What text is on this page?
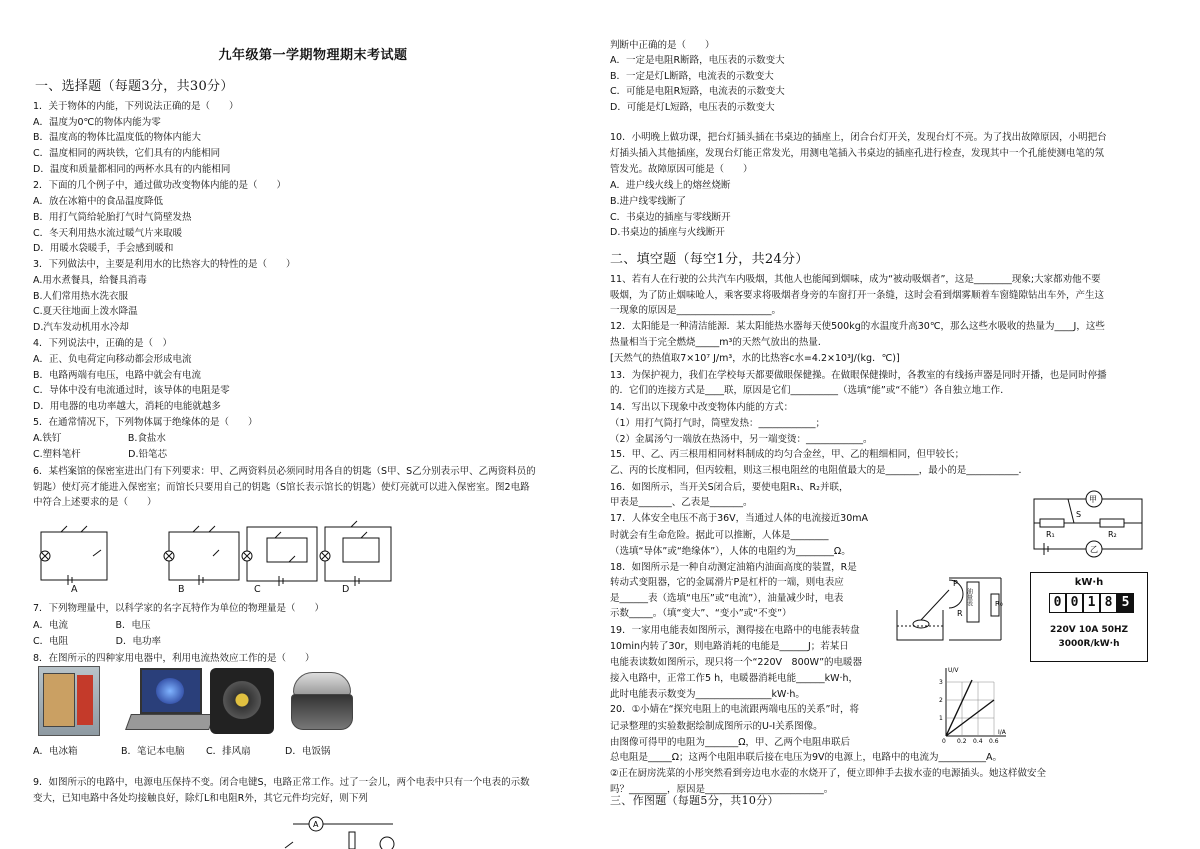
九年级第一学期物理期末考试题
一、选择题（每题3分，共30分）
1．关于物体的内能，下列说法正确的是（　　）
A．温度为0℃的物体内能为零
B．温度高的物体比温度低的物体内能大
C．温度相同的两块铁，它们具有的内能相同
D．温度和质量都相同的两杯水具有的内能相同
2．下面的几个例子中，通过做功改变物体内能的是（　　）
A．放在冰箱中的食品温度降低
B．用打气筒给轮胎打气时气筒壁发热
C．冬天利用热水流过暖气片来取暖
D．用暖水袋暖手，手会感到暖和
3．下列做法中，主要是利用水的比热容大的特性的是（　　）
A.用水煮餐具，给餐具消毒
B.人们常用热水洗衣服
C.夏天往地面上泼水降温
D.汽车发动机用水冷却
4．下列说法中，正确的是（　）
A．正、负电荷定向移动都会形成电流
B．电路两端有电压，电路中就会有电流
C．导体中没有电流通过时，该导体的电阻是零
D．用电器的电功率越大，消耗的电能就越多
5．在通常情况下，下列物体属于绝缘体的是（　　）
A.铁钉　　　　　　　B.食盐水
C.塑料笔杆　　　　　D.铅笔芯
6．某档案馆的保密室进出门有下列要求：甲、乙两资料员必须同时用各自的钥匙（S甲、S乙分别表示甲、乙两资料员的
钥匙）使灯亮才能进入保密室；而馆长只要用自己的钥匙（S馆长表示馆长的钥匙）使灯亮就可以进入保密室。图2电路
中符合上述要求的是（　　）
7．下列物理量中，以科学家的名字瓦特作为单位的物理量是（　　）
A．电流　　　　　B．电压
C．电阻　　　　　D．电功率
8．在图所示的四种家用电器中，利用电流热效应工作的是（　　）
9．如图所示的电路中，电源电压保持不变。闭合电键S，电路正常工作。过了一会儿，两个电表中只有一个电表的示数
变大，已知电路中各处均接触良好，除灯L和电阻R外，其它元件均完好，则下列
A	B	C	D
A．电冰箱	B．笔记本电脑 C．排风扇	D．电饭锅
A
二、填空题（每空1分，共24分）
三、作图题（每题5分，共10分）
判断中正确的是（　　）
A．一定是电阻R断路，电压表的示数变大
B．一定是灯L断路，电流表的示数变大
C．可能是电阻R短路，电流表的示数变大
D．可能是灯L短路，电压表的示数变大
10．小明晚上做功课，把台灯插头插在书桌边的插座上，闭合台灯开关，发现台灯不亮。为了找出故障原因，小明把台
灯插头插入其他插座，发现台灯能正常发光，用测电笔插入书桌边的插座孔进行检查，发现其中一个孔能使测电笔的氖
管发光。故障原因可能是（　　）
A．进户线火线上的熔丝烧断
B.进户线零线断了
C．书桌边的插座与零线断开
D.书桌边的插座与火线断开
11、若有人在行驶的公共汽车内吸烟，其他人也能闻到烟味，成为“被动吸烟者”，这是________现象;大家都劝他不要
吸烟，为了防止烟味呛人，乘客要求将吸烟者身旁的车窗打开一条缝，这时会看到烟雾顺着车窗缝隙钻出车外，产生这
一现象的原因是____________________。
12．太阳能是一种清洁能源．某太阳能热水器每天使500kg的水温度升高30℃，那么这些水吸收的热量为____J，这些
热量相当于完全燃烧_____m³的天然气放出的热量．
[天然气的热值取7×10⁷ J/m³，水的比热容c水=4.2×10³J/(kg．℃)]
13．为保护视力，我们在学校每天都要做眼保健操。在做眼保健操时，各教室的有线扬声器是同时开播，也是同时停播
的．它们的连接方式是____联，原因是它们__________（选填“能”或“不能”）各自独立地工作．
14．写出以下现象中改变物体内能的方式：
（1）用打气筒打气时，筒壁发热：____________；
（2）金属汤勺一端放在热汤中，另一端变烫：____________。
15．甲、乙、丙三根用相同材料制成的均匀合金丝，甲、乙的粗细相同，但甲较长；
乙、丙的长度相同，但丙较粗，则这三根电阻丝的电阻值最大的是_______，最小的是___________．
16．如图所示，当开关S闭合后，要使电阻R₁、R₂并联，
甲表是_______、乙表是_______。
17．人体安全电压不高于36V，当通过人体的电流接近30mA
时就会有生命危险。据此可以推断，人体是________
（选填“导体”或“绝缘体”），人体的电阻约为________Ω。
18．如图所示是一种自动测定油箱内油面高度的装置，R是
转动式变阻器，它的金属滑片P是杠杆的一端，则电表应
是______表（选填“电压”或“电流”），油量减少时，电表
示数_____。（填“变大”、“变小”或“不变”）
19．一家用电能表如图所示，测得接在电路中的电能表转盘
10min内转了30r，则电路消耗的电能是______J；若某日
电能表读数如图所示，现只将一个“220V　800W”的电暖器
接入电路中，正常工作5 h，电暖器消耗电能______kW·h，
此时电能表示数变为________________kW·h。
20．①小婧在“探究电阻上的电流跟两端电压的关系”时，将
记录整理的实验数据绘制成图所示的U-I关系图像。
由图像可得甲的电阻为_______Ω，甲、乙两个电阻串联后
总电阻是_____Ω；这两个电阻串联后接在电压为9V的电源上，电路中的电流为__________A。
②正在厨房洗菜的小彤突然看到旁边电水壶的水烧开了，便立即伸手去拔水壶的电源插头。她这样做安全
吗？________，原因是_________________________。
甲
乙
S
R₁	R₂
P
R
油量表	R₀
kW·h
0 0 1 8 5
220V 10A 50HZ
3000R/kW·h
U/V
I/A
3
2
1
0 0.2 0.4 0.6
